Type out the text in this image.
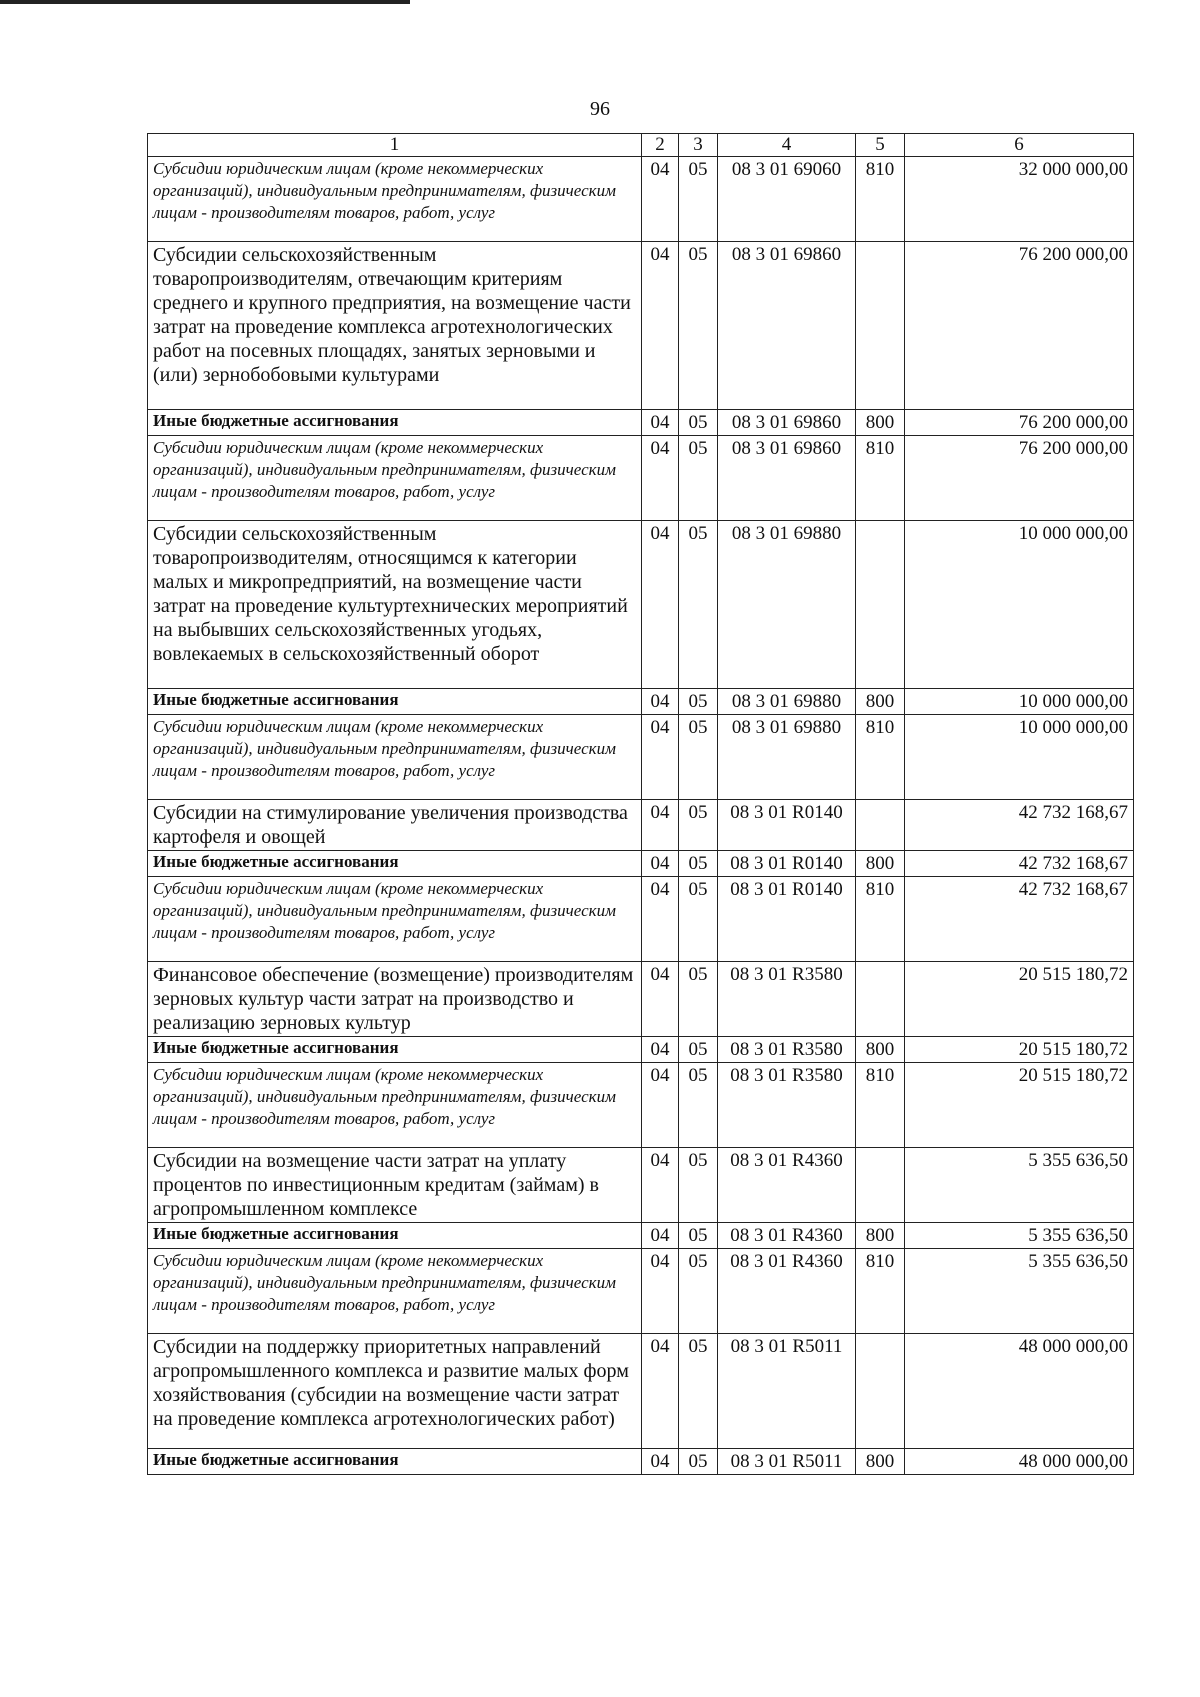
96
1	2	3	4	5	6
Субсидии юридическим лицам (кроме некоммерческих организаций), индивидуальным предпринимателям, физическим лицам - производителям товаров, работ, услуг	04	05	08 3 01 69060	810	32 000 000,00
Субсидии сельскохозяйственным товаропроизводителям, отвечающим критериям среднего и крупного предприятия, на возмещение части затрат на проведение комплекса агротехнологических работ на посевных площадях, занятых зерновыми и (или) зернобобовыми культурами	04	05	08 3 01 69860		76 200 000,00
Иные бюджетные ассигнования	04	05	08 3 01 69860	800	76 200 000,00
Субсидии юридическим лицам (кроме некоммерческих организаций), индивидуальным предпринимателям, физическим лицам - производителям товаров, работ, услуг	04	05	08 3 01 69860	810	76 200 000,00
Субсидии сельскохозяйственным товаропроизводителям, относящимся к категории малых и микропредприятий, на возмещение части затрат на проведение культуртехнических мероприятий на выбывших сельскохозяйственных угодьях, вовлекаемых в сельскохозяйственный оборот	04	05	08 3 01 69880		10 000 000,00
Иные бюджетные ассигнования	04	05	08 3 01 69880	800	10 000 000,00
Субсидии юридическим лицам (кроме некоммерческих организаций), индивидуальным предпринимателям, физическим лицам - производителям товаров, работ, услуг	04	05	08 3 01 69880	810	10 000 000,00
Субсидии на стимулирование увеличения производства картофеля и овощей	04	05	08 3 01 R0140		42 732 168,67
Иные бюджетные ассигнования	04	05	08 3 01 R0140	800	42 732 168,67
Субсидии юридическим лицам (кроме некоммерческих организаций), индивидуальным предпринимателям, физическим лицам - производителям товаров, работ, услуг	04	05	08 3 01 R0140	810	42 732 168,67
Финансовое обеспечение (возмещение) производителям зерновых культур части затрат на производство и реализацию зерновых культур	04	05	08 3 01 R3580		20 515 180,72
Иные бюджетные ассигнования	04	05	08 3 01 R3580	800	20 515 180,72
Субсидии юридическим лицам (кроме некоммерческих организаций), индивидуальным предпринимателям, физическим лицам - производителям товаров, работ, услуг	04	05	08 3 01 R3580	810	20 515 180,72
Субсидии на возмещение части затрат на уплату процентов по инвестиционным кредитам (займам) в агропромышленном комплексе	04	05	08 3 01 R4360		5 355 636,50
Иные бюджетные ассигнования	04	05	08 3 01 R4360	800	5 355 636,50
Субсидии юридическим лицам (кроме некоммерческих организаций), индивидуальным предпринимателям, физическим лицам - производителям товаров, работ, услуг	04	05	08 3 01 R4360	810	5 355 636,50
Субсидии на поддержку приоритетных направлений агропромышленного комплекса и развитие малых форм хозяйствования (субсидии на возмещение части затрат на проведение комплекса агротехнологических работ)	04	05	08 3 01 R5011		48 000 000,00
Иные бюджетные ассигнования	04	05	08 3 01 R5011	800	48 000 000,00
